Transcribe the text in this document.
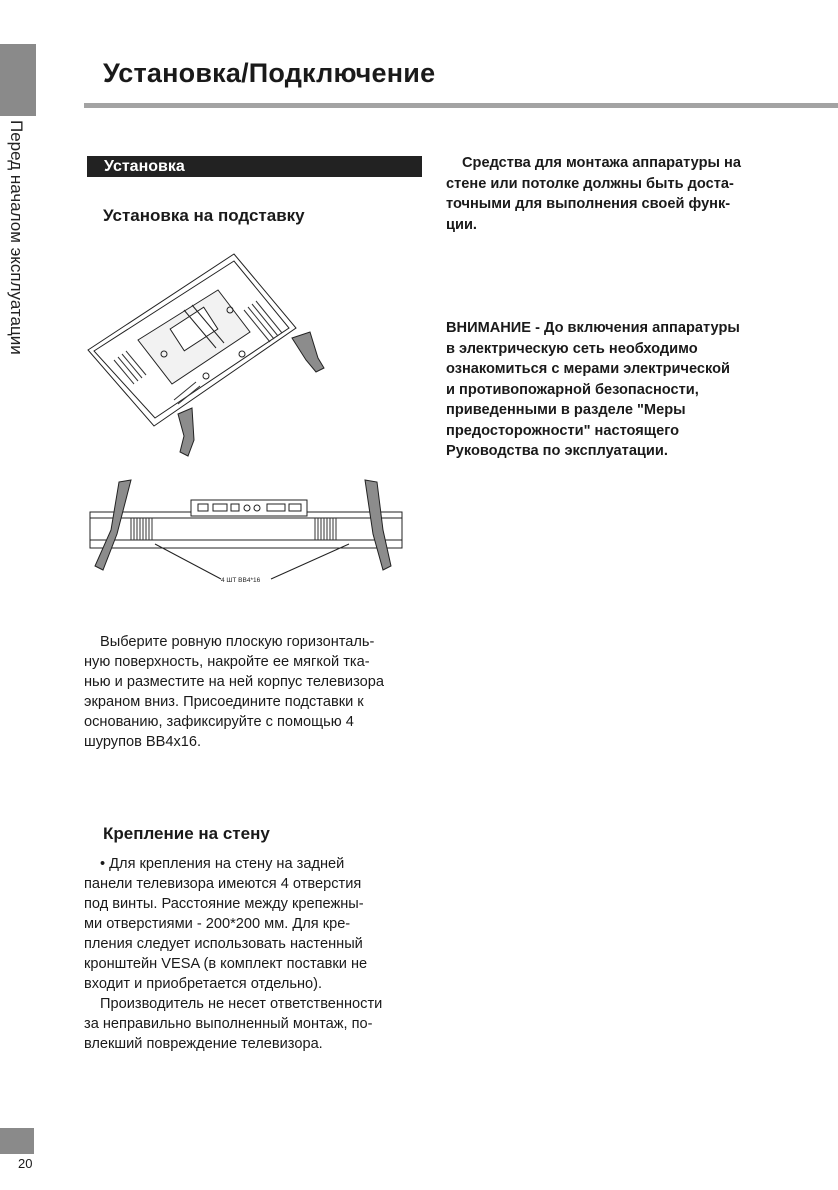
Перед началом эксплуатации
Установка/Подключение
Установка
Установка на подставку
4 ШТ BB4*16
Выберите ровную плоскую горизонталь-
ную поверхность, накройте ее мягкой тка-
нью и разместите на ней корпус телевизора
экраном вниз. Присоедините подставки к
основанию, зафиксируйте с помощью 4
шурупов BB4x16.
Крепление на стену
• Для крепления на стену на задней
панели телевизора имеются 4 отверстия
под винты. Расстояние между крепежны-
ми отверстиями - 200*200 мм. Для кре-
пления следует использовать настенный
кронштейн VESA (в комплект поставки не
входит и приобретается отдельно).
Производитель не несет ответственности
за неправильно выполненный монтаж, по-
влекший повреждение телевизора.
Средства для монтажа аппаратуры на
стене или потолке должны быть доста-
точными для выполнения своей функ-
ции.
ВНИМАНИЕ - До включения аппаратуры
в электрическую сеть необходимо
ознакомиться с мерами электрической
и противопожарной безопасности,
приведенными в разделе "Меры
предосторожности" настоящего
Руководства по эксплуатации.
20
